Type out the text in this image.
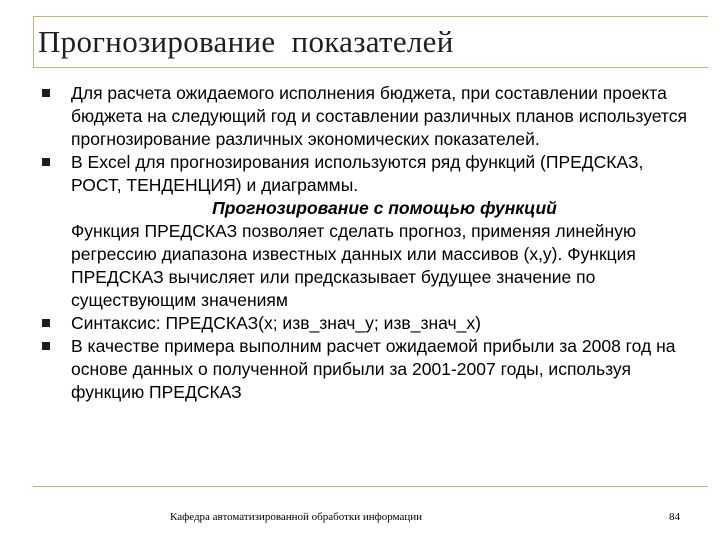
Прогнозирование  показателей
Для расчета ожидаемого исполнения бюджета, при составлении проекта бюджета на следующий год и составлении различных планов используется прогнозирование различных экономических показателей.
В Excel для прогнозирования используются ряд функций (ПРЕДСКАЗ, РОСТ, ТЕНДЕНЦИЯ) и диаграммы.
Прогнозирование с помощью функций
Функция ПРЕДСКАЗ позволяет сделать прогноз, применяя линейную регрессию диапазона известных данных или массивов (x,y). Функция ПРЕДСКАЗ вычисляет или предсказывает будущее значение по существующим значениям
Синтаксис: ПРЕДСКАЗ(x; изв_знач_y; изв_знач_x)
В качестве примера выполним расчет ожидаемой прибыли за 2008 год на основе данных о полученной прибыли за 2001-2007 годы, используя функцию ПРЕДСКАЗ
Кафедра автоматизированной обработки информации	84
